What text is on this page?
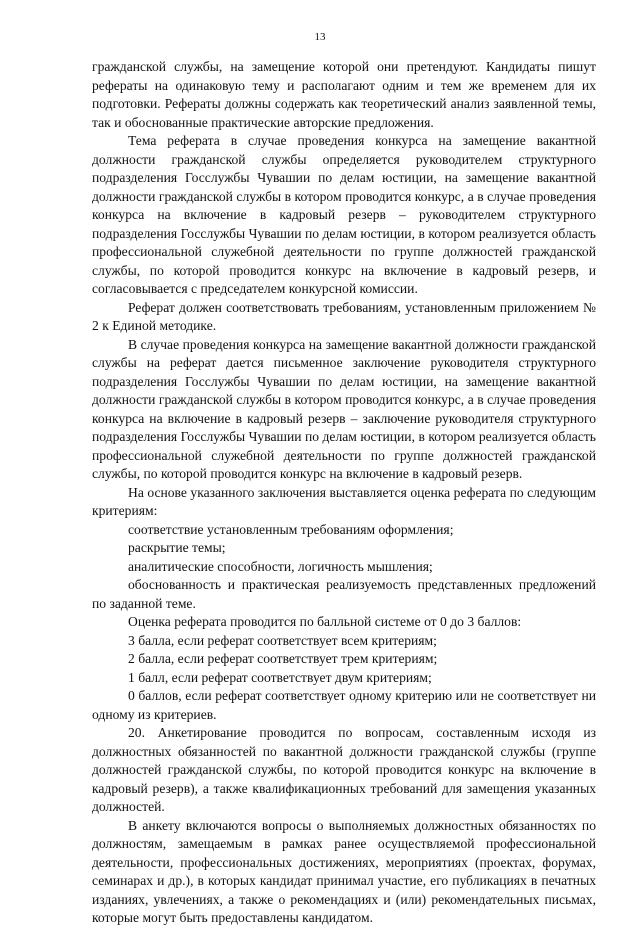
13

гражданской службы, на замещение которой они претендуют. Кандидаты пишут рефераты на одинаковую тему и располагают одним и тем же временем для их подготовки. Рефераты должны содержать как теоретический анализ заявленной темы, так и обоснованные практические авторские предложения.

Тема реферата в случае проведения конкурса на замещение вакантной должности гражданской службы определяется руководителем структурного подразделения Госслужбы Чувашии по делам юстиции, на замещение вакантной должности гражданской службы в котором проводится конкурс, а в случае проведения конкурса на включение в кадровый резерв – руководителем структурного подразделения Госслужбы Чувашии по делам юстиции, в котором реализуется область профессиональной служебной деятельности по группе должностей гражданской службы, по которой проводится конкурс на включение в кадровый резерв, и согласовывается с председателем конкурсной комиссии.

Реферат должен соответствовать требованиям, установленным приложением № 2 к Единой методике.

В случае проведения конкурса на замещение вакантной должности гражданской службы на реферат дается письменное заключение руководителя структурного подразделения Госслужбы Чувашии по делам юстиции, на замещение вакантной должности гражданской службы в котором проводится конкурс, а в случае проведения конкурса на включение в кадровый резерв – заключение руководителя структурного подразделения Госслужбы Чувашии по делам юстиции, в котором реализуется область профессиональной служебной деятельности по группе должностей гражданской службы, по которой проводится конкурс на включение в кадровый резерв.

На основе указанного заключения выставляется оценка реферата по следующим критериям:

соответствие установленным требованиям оформления;

раскрытие темы;

аналитические способности, логичность мышления;

обоснованность и практическая реализуемость представленных предложений по заданной теме.

Оценка реферата проводится по балльной системе от 0 до 3 баллов:

3 балла, если реферат соответствует всем критериям;

2 балла, если реферат соответствует трем критериям;

1 балл, если реферат соответствует двум критериям;

0 баллов, если реферат соответствует одному критерию или не соответствует ни одному из критериев.

20. Анкетирование проводится по вопросам, составленным исходя из должностных обязанностей по вакантной должности гражданской службы (группе должностей гражданской службы, по которой проводится конкурс на включение в кадровый резерв), а также квалификационных требований для замещения указанных должностей.

В анкету включаются вопросы о выполняемых должностных обязанностях по должностям, замещаемым в рамках ранее осуществляемой профессиональной деятельности, профессиональных достижениях, мероприятиях (проектах, форумах, семинарах и др.), в которых кандидат принимал участие, его публикациях в печатных изданиях, увлечениях, а также о рекомендациях и (или) рекомендательных письмах, которые могут быть предоставлены кандидатом.
